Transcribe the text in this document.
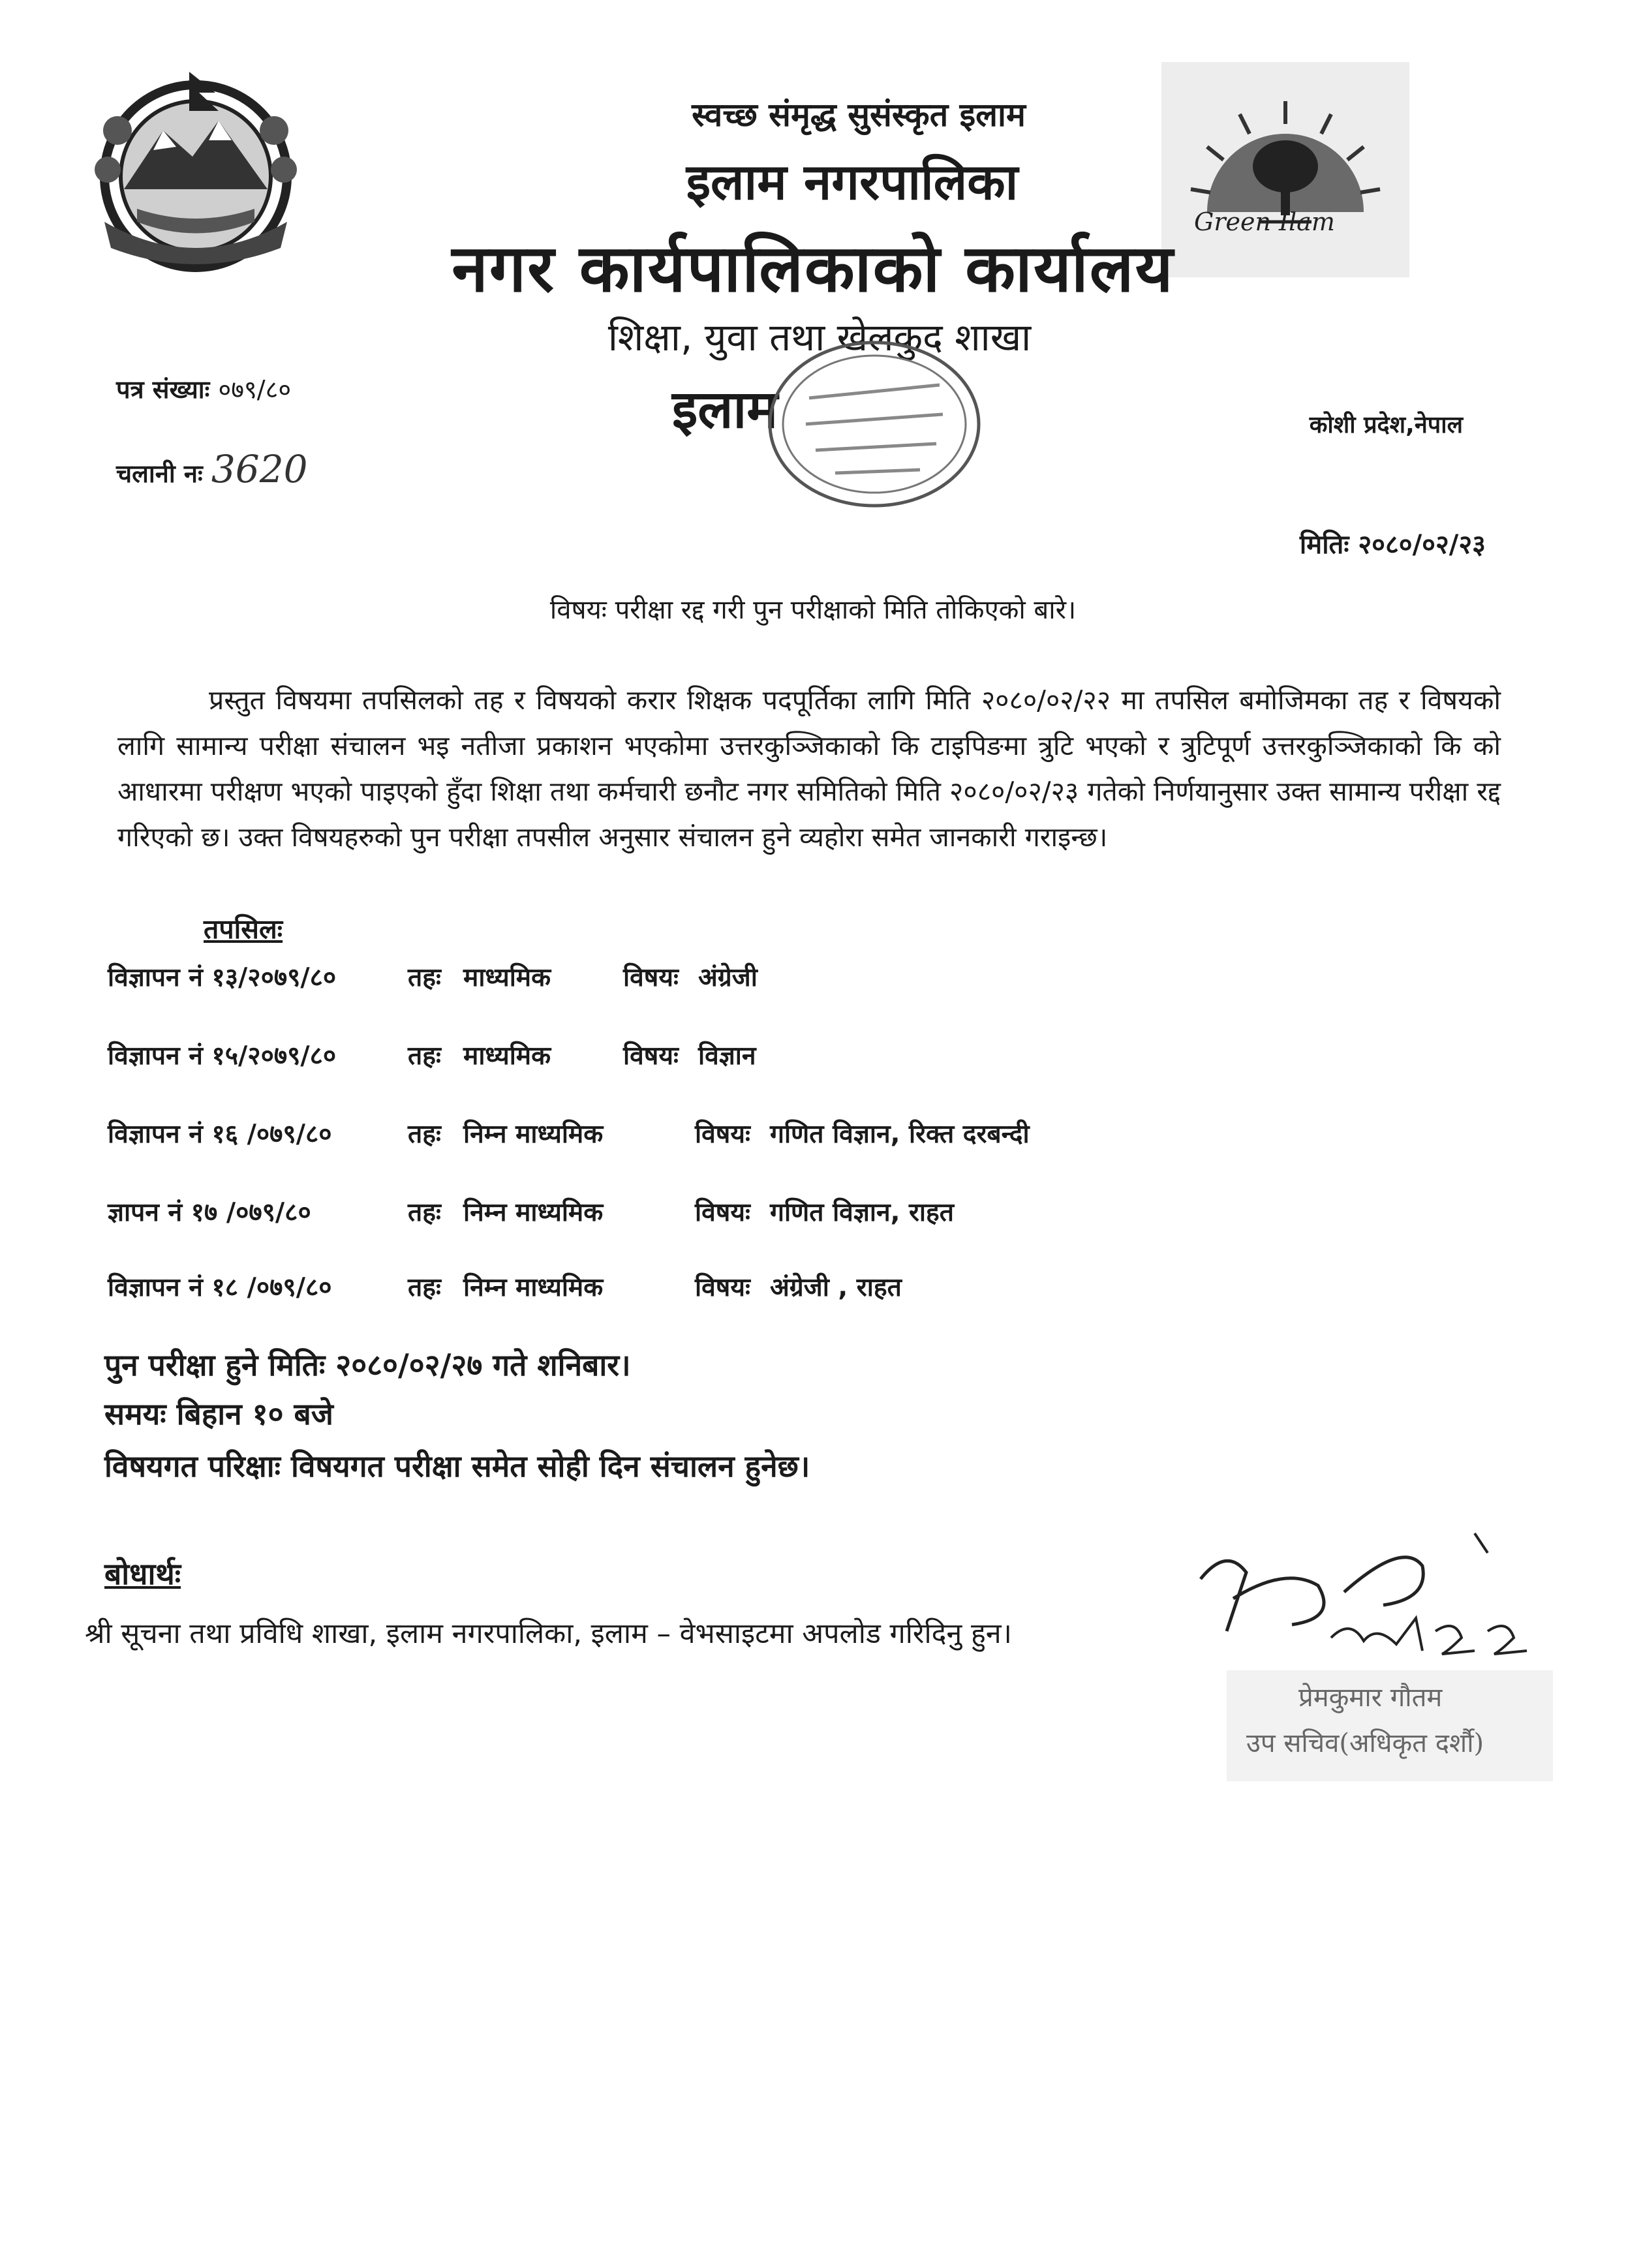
Green Ilam
स्वच्छ संमृद्ध सुसंस्कृत इलाम
इलाम नगरपालिका
नगर कार्यपालिकाको कार्यालय
शिक्षा, युवा तथा खेलकुद शाखा
इलाम	कोशी प्रदेश,नेपाल
पत्र संख्याः ०७९/८०
चलानी नः 3620
मितिः २०८०/०२/२३
विषयः परीक्षा रद्द गरी पुन परीक्षाको मिति तोकिएको बारे।

प्रस्तुत विषयमा तपसिलको तह र विषयको करार शिक्षक पदपूर्तिका लागि मिति २०८०/०२/२२ मा तपसिल बमोजिमका तह र विषयको लागि सामान्य परीक्षा संचालन भइ नतीजा प्रकाशन भएकोमा उत्तरकुञ्जिकाको कि टाइपिङमा त्रुटि भएको र त्रुटिपूर्ण उत्तरकुञ्जिकाको कि को आधारमा परीक्षण भएको पाइएको हुँदा शिक्षा तथा कर्मचारी छनौट नगर समितिको मिति २०८०/०२/२३ गतेको निर्णयानुसार उक्त सामान्य परीक्षा रद्द गरिएको छ। उक्त विषयहरुको पुन परीक्षा तपसील अनुसार संचालन हुने व्यहोरा समेत जानकारी गराइन्छ।

तपसिलः
विज्ञापन नं १३/२०७९/८०	तहः माध्यमिक	विषयः अंग्रेजी
विज्ञापन नं १५/२०७९/८०	तहः माध्यमिक	विषयः विज्ञान
विज्ञापन नं १६ /०७९/८०	तहः निम्न माध्यमिक	विषयः गणित विज्ञान, रिक्त दरबन्दी
ज्ञापन नं १७ /०७९/८०	तहः निम्न माध्यमिक	विषयः गणित विज्ञान, राहत
विज्ञापन नं १८ /०७९/८०	तहः निम्न माध्यमिक	विषयः अंग्रेजी , राहत
पुन परीक्षा हुने मितिः २०८०/०२/२७ गते शनिबार।
समयः बिहान १० बजे
विषयगत परिक्षाः विषयगत परीक्षा समेत सोही दिन संचालन हुनेछ।
बोधार्थः
श्री सूचना तथा प्रविधि शाखा, इलाम नगरपालिका, इलाम – वेभसाइटमा अपलोड गरिदिनु हुन।
प्रेमकुमार गौतम
उप सचिव(अधिकृत दर्शौ)
